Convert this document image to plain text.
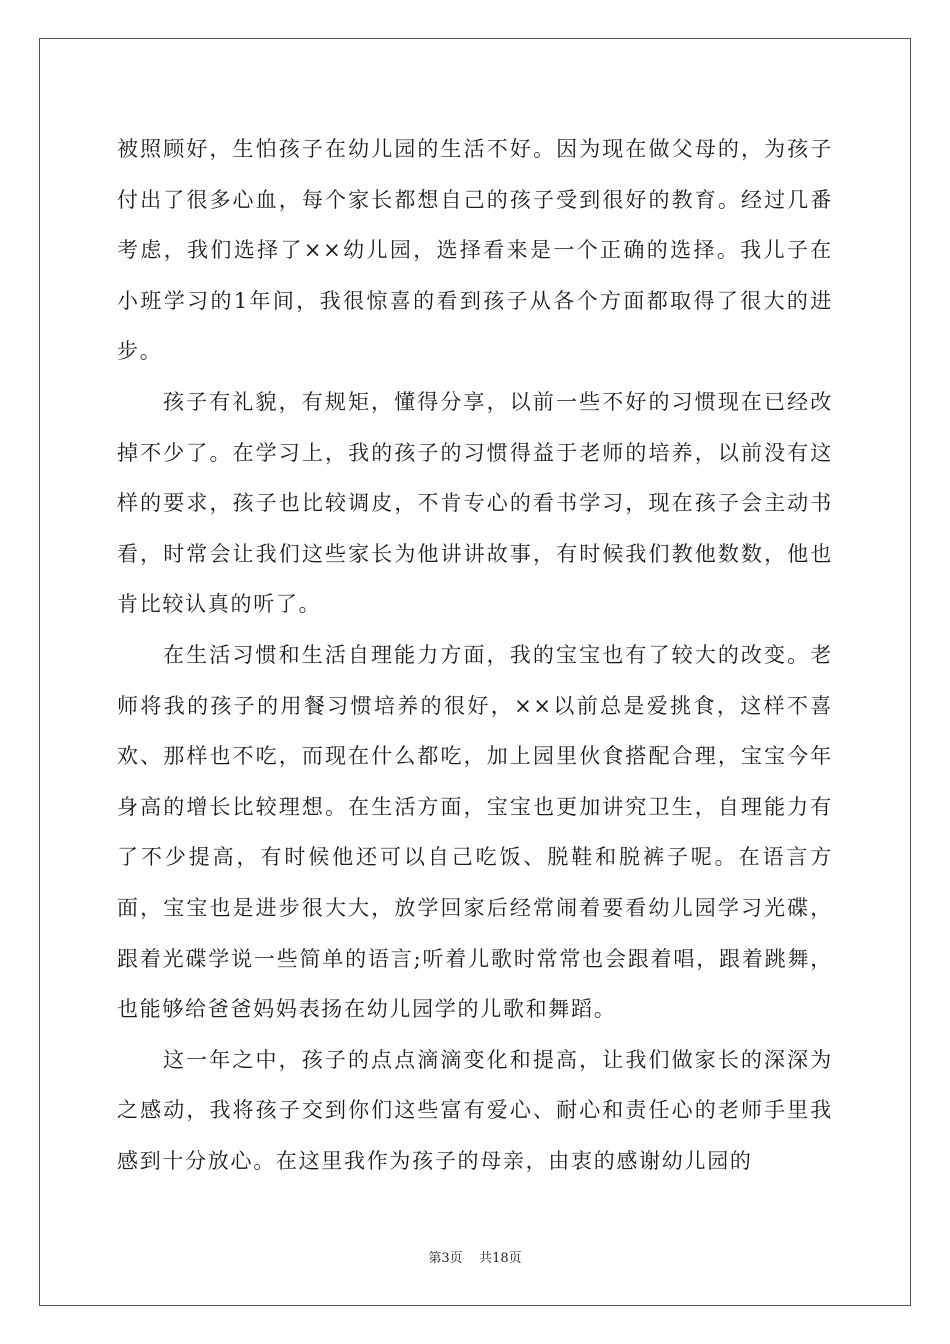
被照顾好，生怕孩子在幼儿园的生活不好。因为现在做父母的，为孩子付出了很多心血，每个家长都想自己的孩子受到很好的教育。经过几番考虑，我们选择了××幼儿园，选择看来是一个正确的选择。我儿子在小班学习的1年间，我很惊喜的看到孩子从各个方面都取得了很大的进步。

孩子有礼貌，有规矩，懂得分享，以前一些不好的习惯现在已经改掉不少了。在学习上，我的孩子的习惯得益于老师的培养，以前没有这样的要求，孩子也比较调皮，不肯专心的看书学习，现在孩子会主动书看，时常会让我们这些家长为他讲讲故事，有时候我们教他数数，他也肯比较认真的听了。

在生活习惯和生活自理能力方面，我的宝宝也有了较大的改变。老师将我的孩子的用餐习惯培养的很好，××以前总是爱挑食，这样不喜欢、那样也不吃，而现在什么都吃，加上园里伙食搭配合理，宝宝今年身高的增长比较理想。在生活方面，宝宝也更加讲究卫生，自理能力有了不少提高，有时候他还可以自己吃饭、脱鞋和脱裤子呢。在语言方面，宝宝也是进步很大大，放学回家后经常闹着要看幼儿园学习光碟，跟着光碟学说一些简单的语言;听着儿歌时常常也会跟着唱，跟着跳舞，也能够给爸爸妈妈表扬在幼儿园学的儿歌和舞蹈。

这一年之中，孩子的点点滴滴变化和提高，让我们做家长的深深为之感动，我将孩子交到你们这些富有爱心、耐心和责任心的老师手里我感到十分放心。在这里我作为孩子的母亲，由衷的感谢幼儿园的

第3页 共18页
